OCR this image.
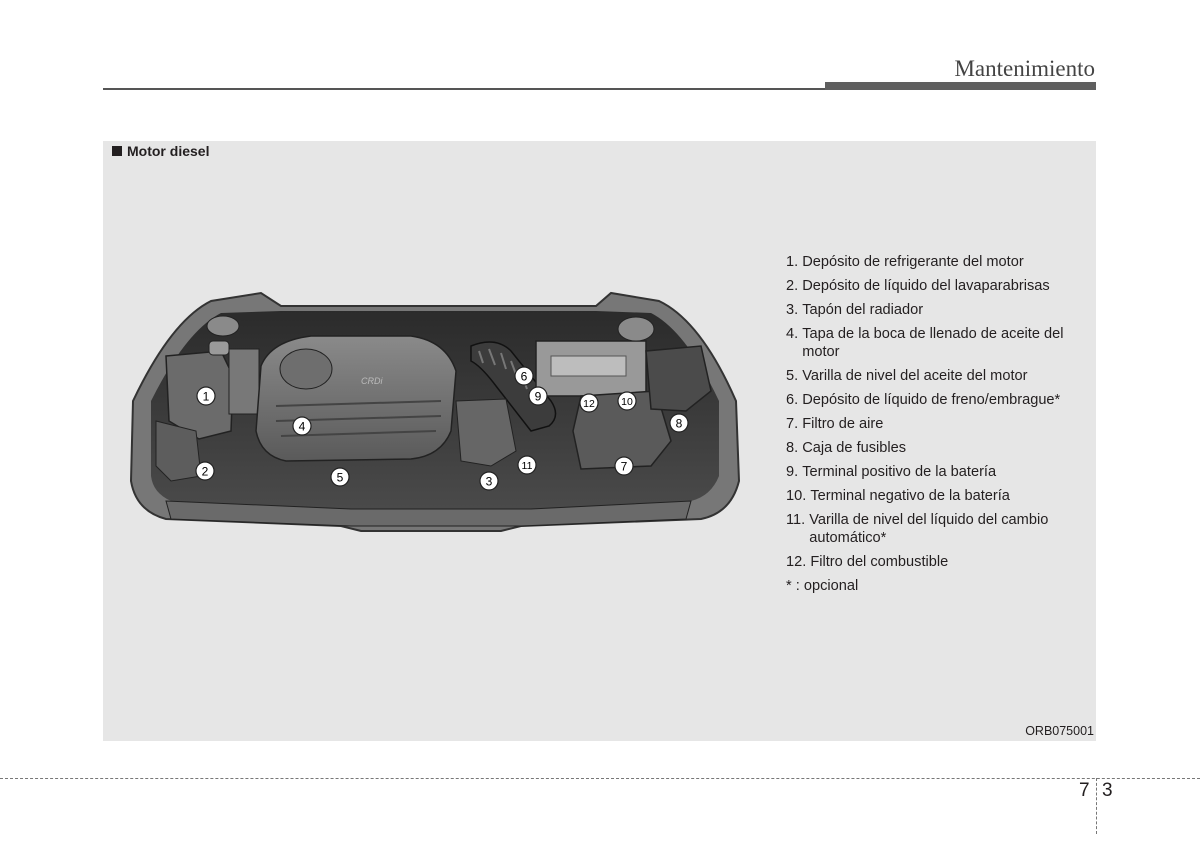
Mantenimiento
Motor diesel
CRDi
1
2
3
4
5
6
7
8
9	10
11
12
1. Depósito de refrigerante del motor
2. Depósito de líquido del lavaparabrisas
3. Tapón del radiador
4. Tapa de la boca de llenado de aceite del motor
5. Varilla de nivel del aceite del motor
6. Depósito de líquido de freno/embrague*
7. Filtro de aire
8. Caja de fusibles
9. Terminal positivo de la batería
10. Terminal negativo de la batería
11. Varilla de nivel del líquido del cambio automático*
12. Filtro del combustible
* : opcional
ORB075001
7 3
